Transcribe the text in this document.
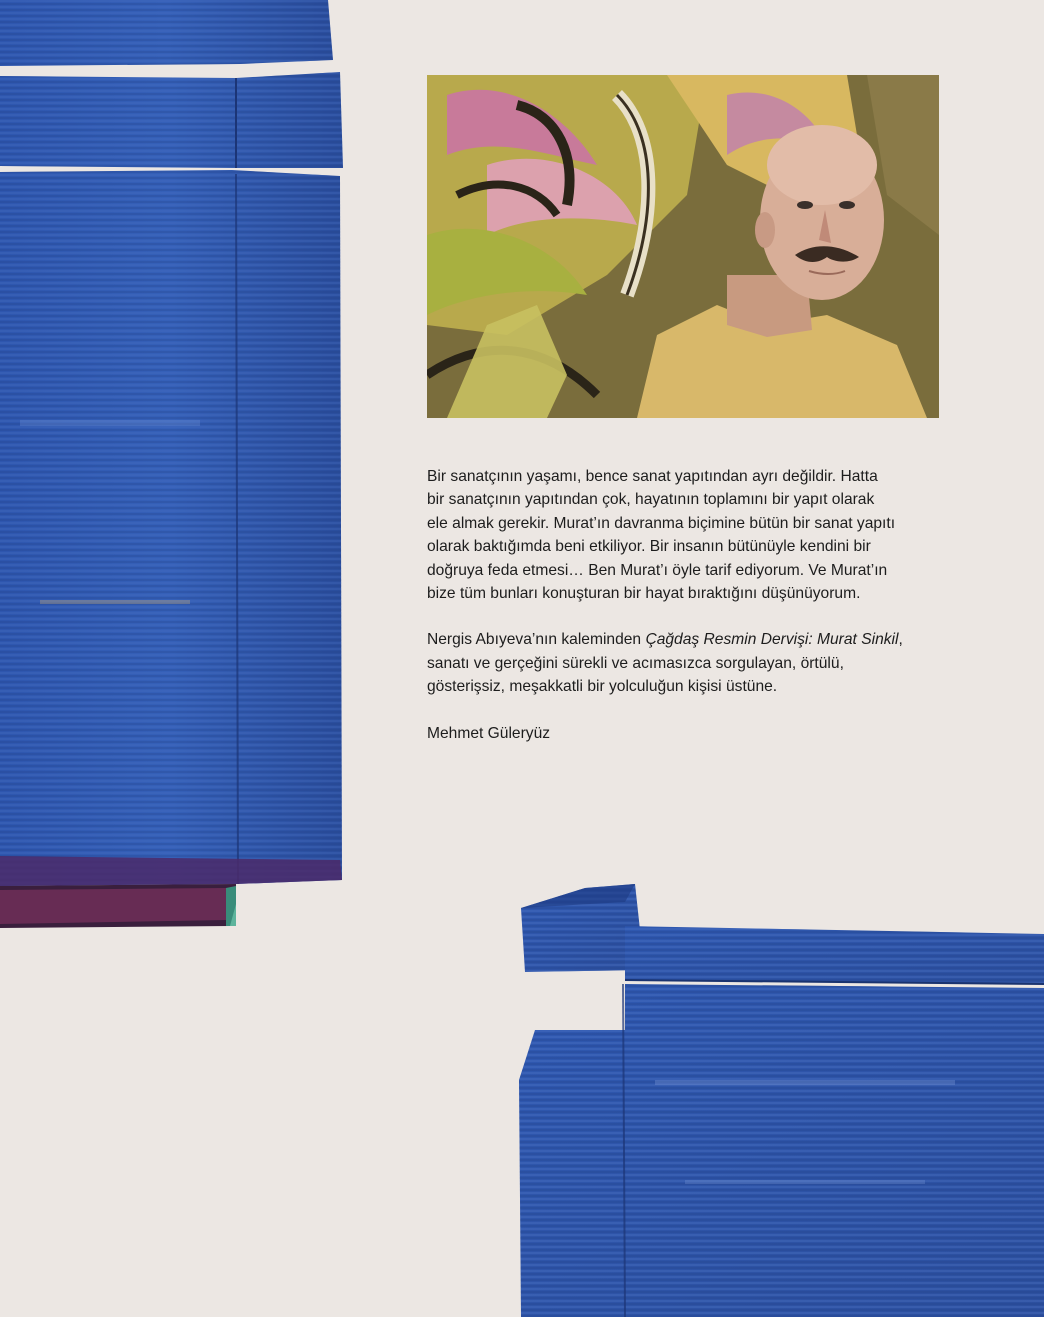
Bir sanatçının yaşamı, bence sanat yapıtından ayrı değildir. Hatta
bir sanatçının yapıtından çok, hayatının toplamını bir yapıt olarak
ele almak gerekir. Murat’ın davranma biçimine bütün bir sanat yapıtı
olarak baktığımda beni etkiliyor. Bir insanın bütünüyle kendini bir
doğruya feda etmesi… Ben Murat’ı öyle tarif ediyorum. Ve Murat’ın
bize tüm bunları konuşturan bir hayat bıraktığını düşünüyorum.

Nergis Abıyeva’nın kaleminden Çağdaş Resmin Dervişi: Murat Sinkil,
sanatı ve gerçeğini sürekli ve acımasızca sorgulayan, örtülü,
gösterişsiz, meşakkatli bir yolculuğun kişisi üstüne.

Mehmet Güleryüz
